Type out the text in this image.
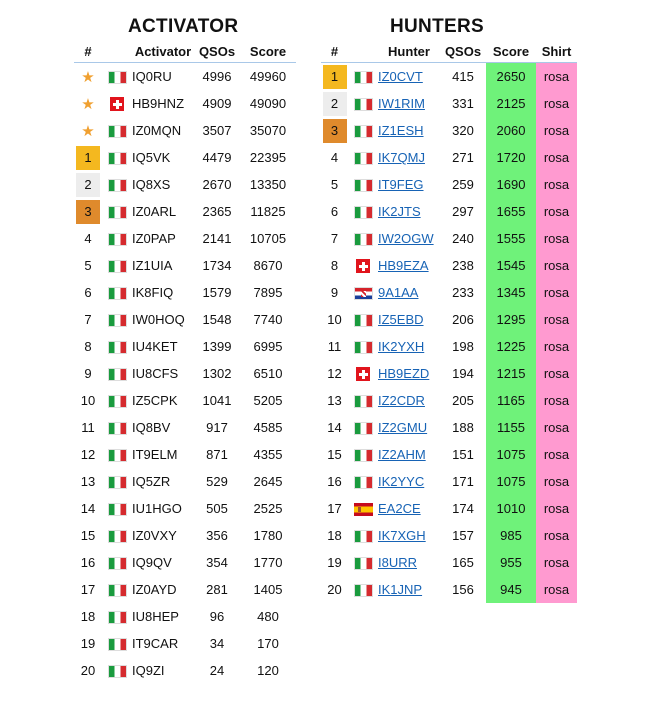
ACTIVATOR	HUNTERS
#		Activator	QSOs	Score
★		IQ0RU	4996	49960
★		HB9HNZ	4909	49090
★		IZ0MQN	3507	35070
1		IQ5VK	4479	22395
2		IQ8XS	2670	13350
3		IZ0ARL	2365	11825
4		IZ0PAP	2141	10705
5		IZ1UIA	1734	8670
6		IK8FIQ	1579	7895
7		IW0HOQ	1548	7740
8		IU4KET	1399	6995
9		IU8CFS	1302	6510
10		IZ5CPK	1041	5205
11		IQ8BV	917	4585
12		IT9ELM	871	4355
13		IQ5ZR	529	2645
14		IU1HGO	505	2525
15		IZ0VXY	356	1780
16		IQ9QV	354	1770
17		IZ0AYD	281	1405
18		IU8HEP	96	480
19		IT9CAR	34	170
20		IQ9ZI	24	120
#		Hunter	QSOs	Score	Shirt
1		IZ0CVT	415	2650	rosa
2		IW1RIM	331	2125	rosa
3		IZ1ESH	320	2060	rosa
4		IK7QMJ	271	1720	rosa
5		IT9FEG	259	1690	rosa
6		IK2JTS	297	1655	rosa
7		IW2OGW	240	1555	rosa
8		HB9EZA	238	1545	rosa
9		9A1AA	233	1345	rosa
10		IZ5EBD	206	1295	rosa
11		IK2YXH	198	1225	rosa
12		HB9EZD	194	1215	rosa
13		IZ2CDR	205	1165	rosa
14		IZ2GMU	188	1155	rosa
15		IZ2AHM	151	1075	rosa
16		IK2YYC	171	1075	rosa
17		EA2CE	174	1010	rosa
18		IK7XGH	157	985	rosa
19		I8URR	165	955	rosa
20		IK1JNP	156	945	rosa
